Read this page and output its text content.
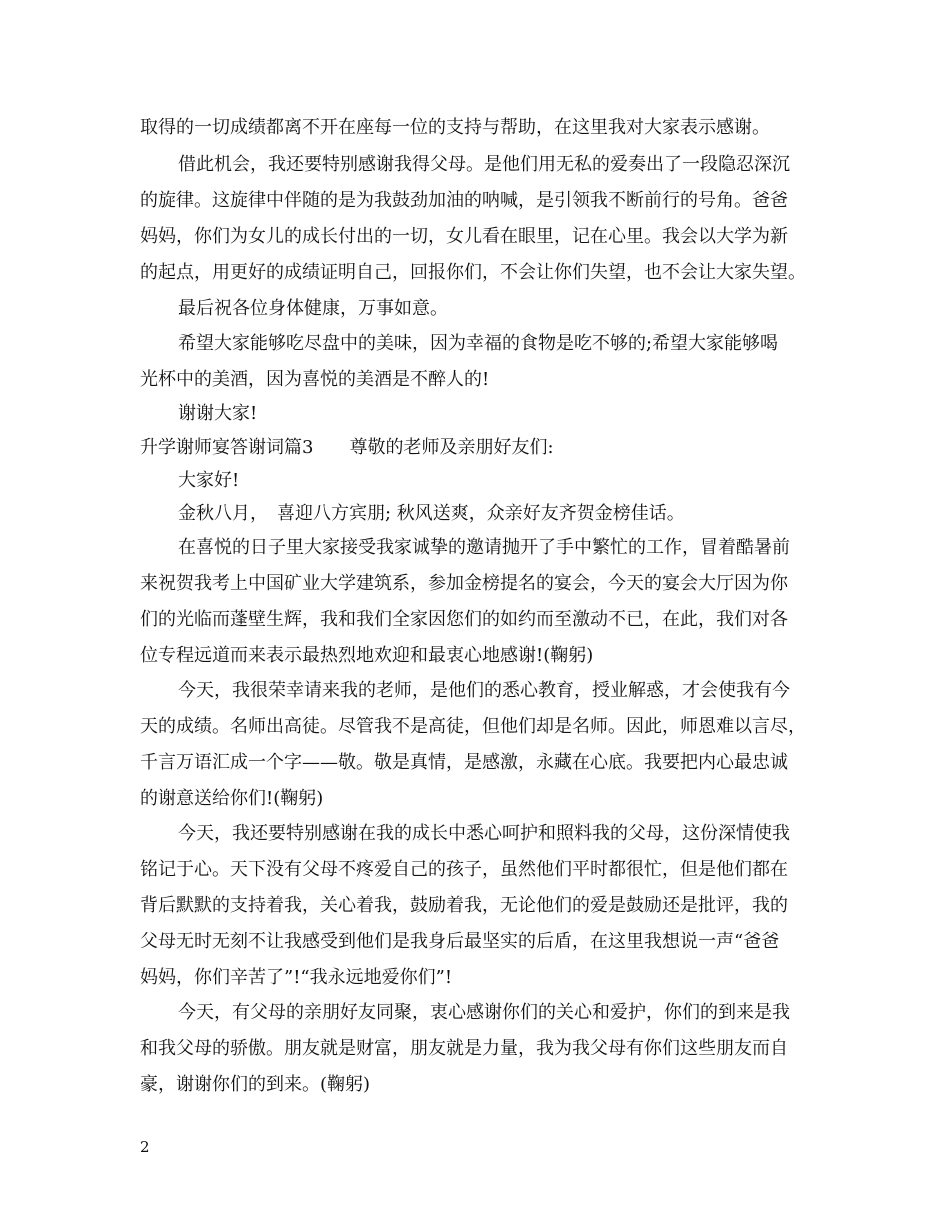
取得的一切成绩都离不开在座每一位的支持与帮助，在这里我对大家表示感谢。
借此机会，我还要特别感谢我得父母。是他们用无私的爱奏出了一段隐忍深沉
的旋律。这旋律中伴随的是为我鼓劲加油的呐喊，是引领我不断前行的号角。爸爸
妈妈，你们为女儿的成长付出的一切，女儿看在眼里，记在心里。我会以大学为新
的起点，用更好的成绩证明自己，回报你们，不会让你们失望，也不会让大家失望。
最后祝各位身体健康，万事如意。
希望大家能够吃尽盘中的美味，因为幸福的食物是吃不够的;希望大家能够喝
光杯中的美酒，因为喜悦的美酒是不醉人的!
谢谢大家!
升学谢师宴答谢词篇3　　尊敬的老师及亲朋好友们:
大家好!
金秋八月，　喜迎八方宾朋; 秋风送爽，众亲好友齐贺金榜佳话。
在喜悦的日子里大家接受我家诚挚的邀请抛开了手中繁忙的工作，冒着酷暑前
来祝贺我考上中国矿业大学建筑系，参加金榜提名的宴会，今天的宴会大厅因为你
们的光临而蓬壁生辉，我和我们全家因您们的如约而至激动不已，在此，我们对各
位专程远道而来表示最热烈地欢迎和最衷心地感谢!(鞠躬)
今天，我很荣幸请来我的老师，是他们的悉心教育，授业解惑，才会使我有今
天的成绩。名师出高徒。尽管我不是高徒，但他们却是名师。因此，师恩难以言尽，
千言万语汇成一个字——敬。敬是真情，是感激，永藏在心底。我要把内心最忠诚
的谢意送给你们!(鞠躬)
今天，我还要特别感谢在我的成长中悉心呵护和照料我的父母，这份深情使我
铭记于心。天下没有父母不疼爱自己的孩子，虽然他们平时都很忙，但是他们都在
背后默默的支持着我，关心着我，鼓励着我，无论他们的爱是鼓励还是批评，我的
父母无时无刻不让我感受到他们是我身后最坚实的后盾，在这里我想说一声“爸爸
妈妈，你们辛苦了”!“我永远地爱你们”!
今天，有父母的亲朋好友同聚，衷心感谢你们的关心和爱护，你们的到来是我
和我父母的骄傲。朋友就是财富，朋友就是力量，我为我父母有你们这些朋友而自
豪，谢谢你们的到来。(鞠躬)
2
